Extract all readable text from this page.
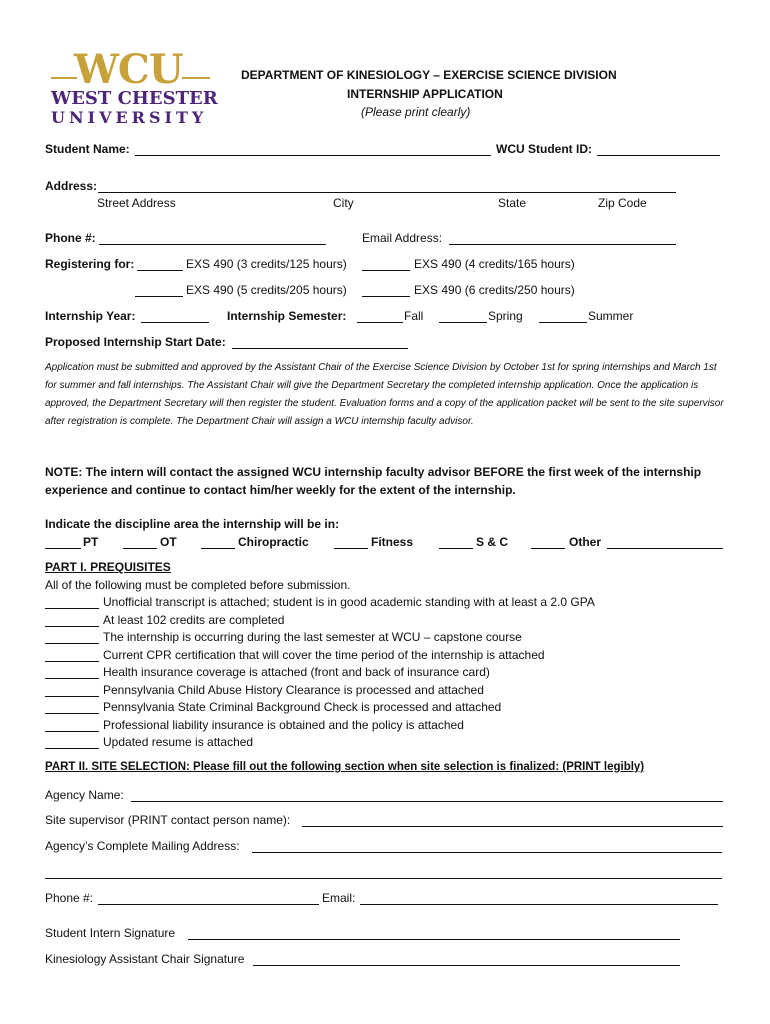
WCU
WEST CHESTER
UNIVERSITY
DEPARTMENT OF KINESIOLOGY – EXERCISE SCIENCE DIVISION
INTERNSHIP APPLICATION
(Please print clearly)
Student Name:	WCU Student ID:
Address:
Street Address	City	State	Zip Code
Phone #:	Email Address:
Registering for:	EXS 490 (3 credits/125 hours)	EXS 490 (4 credits/165 hours)
EXS 490 (5 credits/205 hours)	EXS 490 (6 credits/250 hours)
Internship Year:	Internship Semester:	Fall	Spring	Summer
Proposed Internship Start Date:
Application must be submitted and approved by the Assistant Chair of the Exercise Science Division by October 1st for spring internships and March 1st for summer and fall internships. The Assistant Chair will give the Department Secretary the completed internship application. Once the application is approved, the Department Secretary will then register the student. Evaluation forms and a copy of the application packet will be sent to the site supervisor after registration is complete. The Department Chair will assign a WCU internship faculty advisor.
NOTE: The intern will contact the assigned WCU internship faculty advisor BEFORE the first week of the internship experience and continue to contact him/her weekly for the extent of the internship.
Indicate the discipline area the internship will be in:
PT	OT	Chiropractic	Fitness	S & C	Other
PART I. PREQUISITES
All of the following must be completed before submission.
Unofficial transcript is attached; student is in good academic standing with at least a 2.0 GPA
At least 102 credits are completed
The internship is occurring during the last semester at WCU – capstone course
Current CPR certification that will cover the time period of the internship is attached
Health insurance coverage is attached (front and back of insurance card)
Pennsylvania Child Abuse History Clearance is processed and attached
Pennsylvania State Criminal Background Check is processed and attached
Professional liability insurance is obtained and the policy is attached
Updated resume is attached
PART II. SITE SELECTION: Please fill out the following section when site selection is finalized: (PRINT legibly)
Agency Name:
Site supervisor (PRINT contact person name):
Agency’s Complete Mailing Address:
Phone #:	Email:
Student Intern Signature
Kinesiology Assistant Chair Signature
